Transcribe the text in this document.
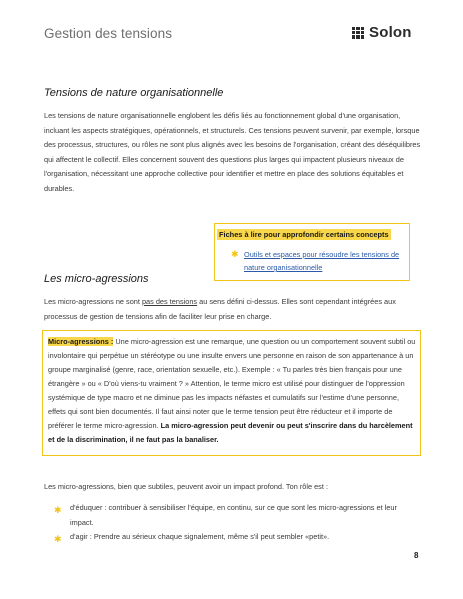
Gestion des tensions	Solon
Tensions de nature organisationnelle
Les tensions de nature organisationnelle englobent les défis liés au fonctionnement global d'une organisation, incluant les aspects stratégiques, opérationnels, et structurels. Ces tensions peuvent survenir, par exemple, lorsque des processus, structures, ou rôles ne sont plus alignés avec les besoins de l'organisation, créant des déséquilibres qui affectent le collectif. Elles concernent souvent des questions plus larges qui impactent plusieurs niveaux de l'organisation, nécessitant une approche collective pour identifier et mettre en place des solutions équitables et durables.
Fiches à lire pour approfondir certains concepts
✱ Outils et espaces pour résoudre les tensions de nature organisationnelle
Les micro-agressions
Les micro-agressions ne sont pas des tensions au sens défini ci-dessus. Elles sont cependant intégrées aux processus de gestion de tensions afin de faciliter leur prise en charge.
Micro-agressions : Une micro-agression est une remarque, une question ou un comportement souvent subtil ou involontaire qui perpétue un stéréotype ou une insulte envers une personne en raison de son appartenance à un groupe marginalisé (genre, race, orientation sexuelle, etc.). Exemple : « Tu parles très bien français pour une étrangère » ou « D'où viens-tu vraiment ? » Attention, le terme micro est utilisé pour distinguer de l'oppression systémique de type macro et ne diminue pas les impacts néfastes et cumulatifs sur l'estime d'une personne, effets qui sont bien documentés. Il faut ainsi noter que le terme tension peut être réducteur et il importe de préférer le terme micro-agression. La micro-agression peut devenir ou peut s'inscrire dans du harcèlement et de la discrimination, il ne faut pas la banaliser.
Les micro-agressions, bien que subtiles, peuvent avoir un impact profond. Ton rôle est :
✱ d'éduquer : contribuer à sensibiliser l'équipe, en continu, sur ce que sont les micro-agressions et leur impact.
✱ d'agir : Prendre au sérieux chaque signalement, même s'il peut sembler «petit».
8
